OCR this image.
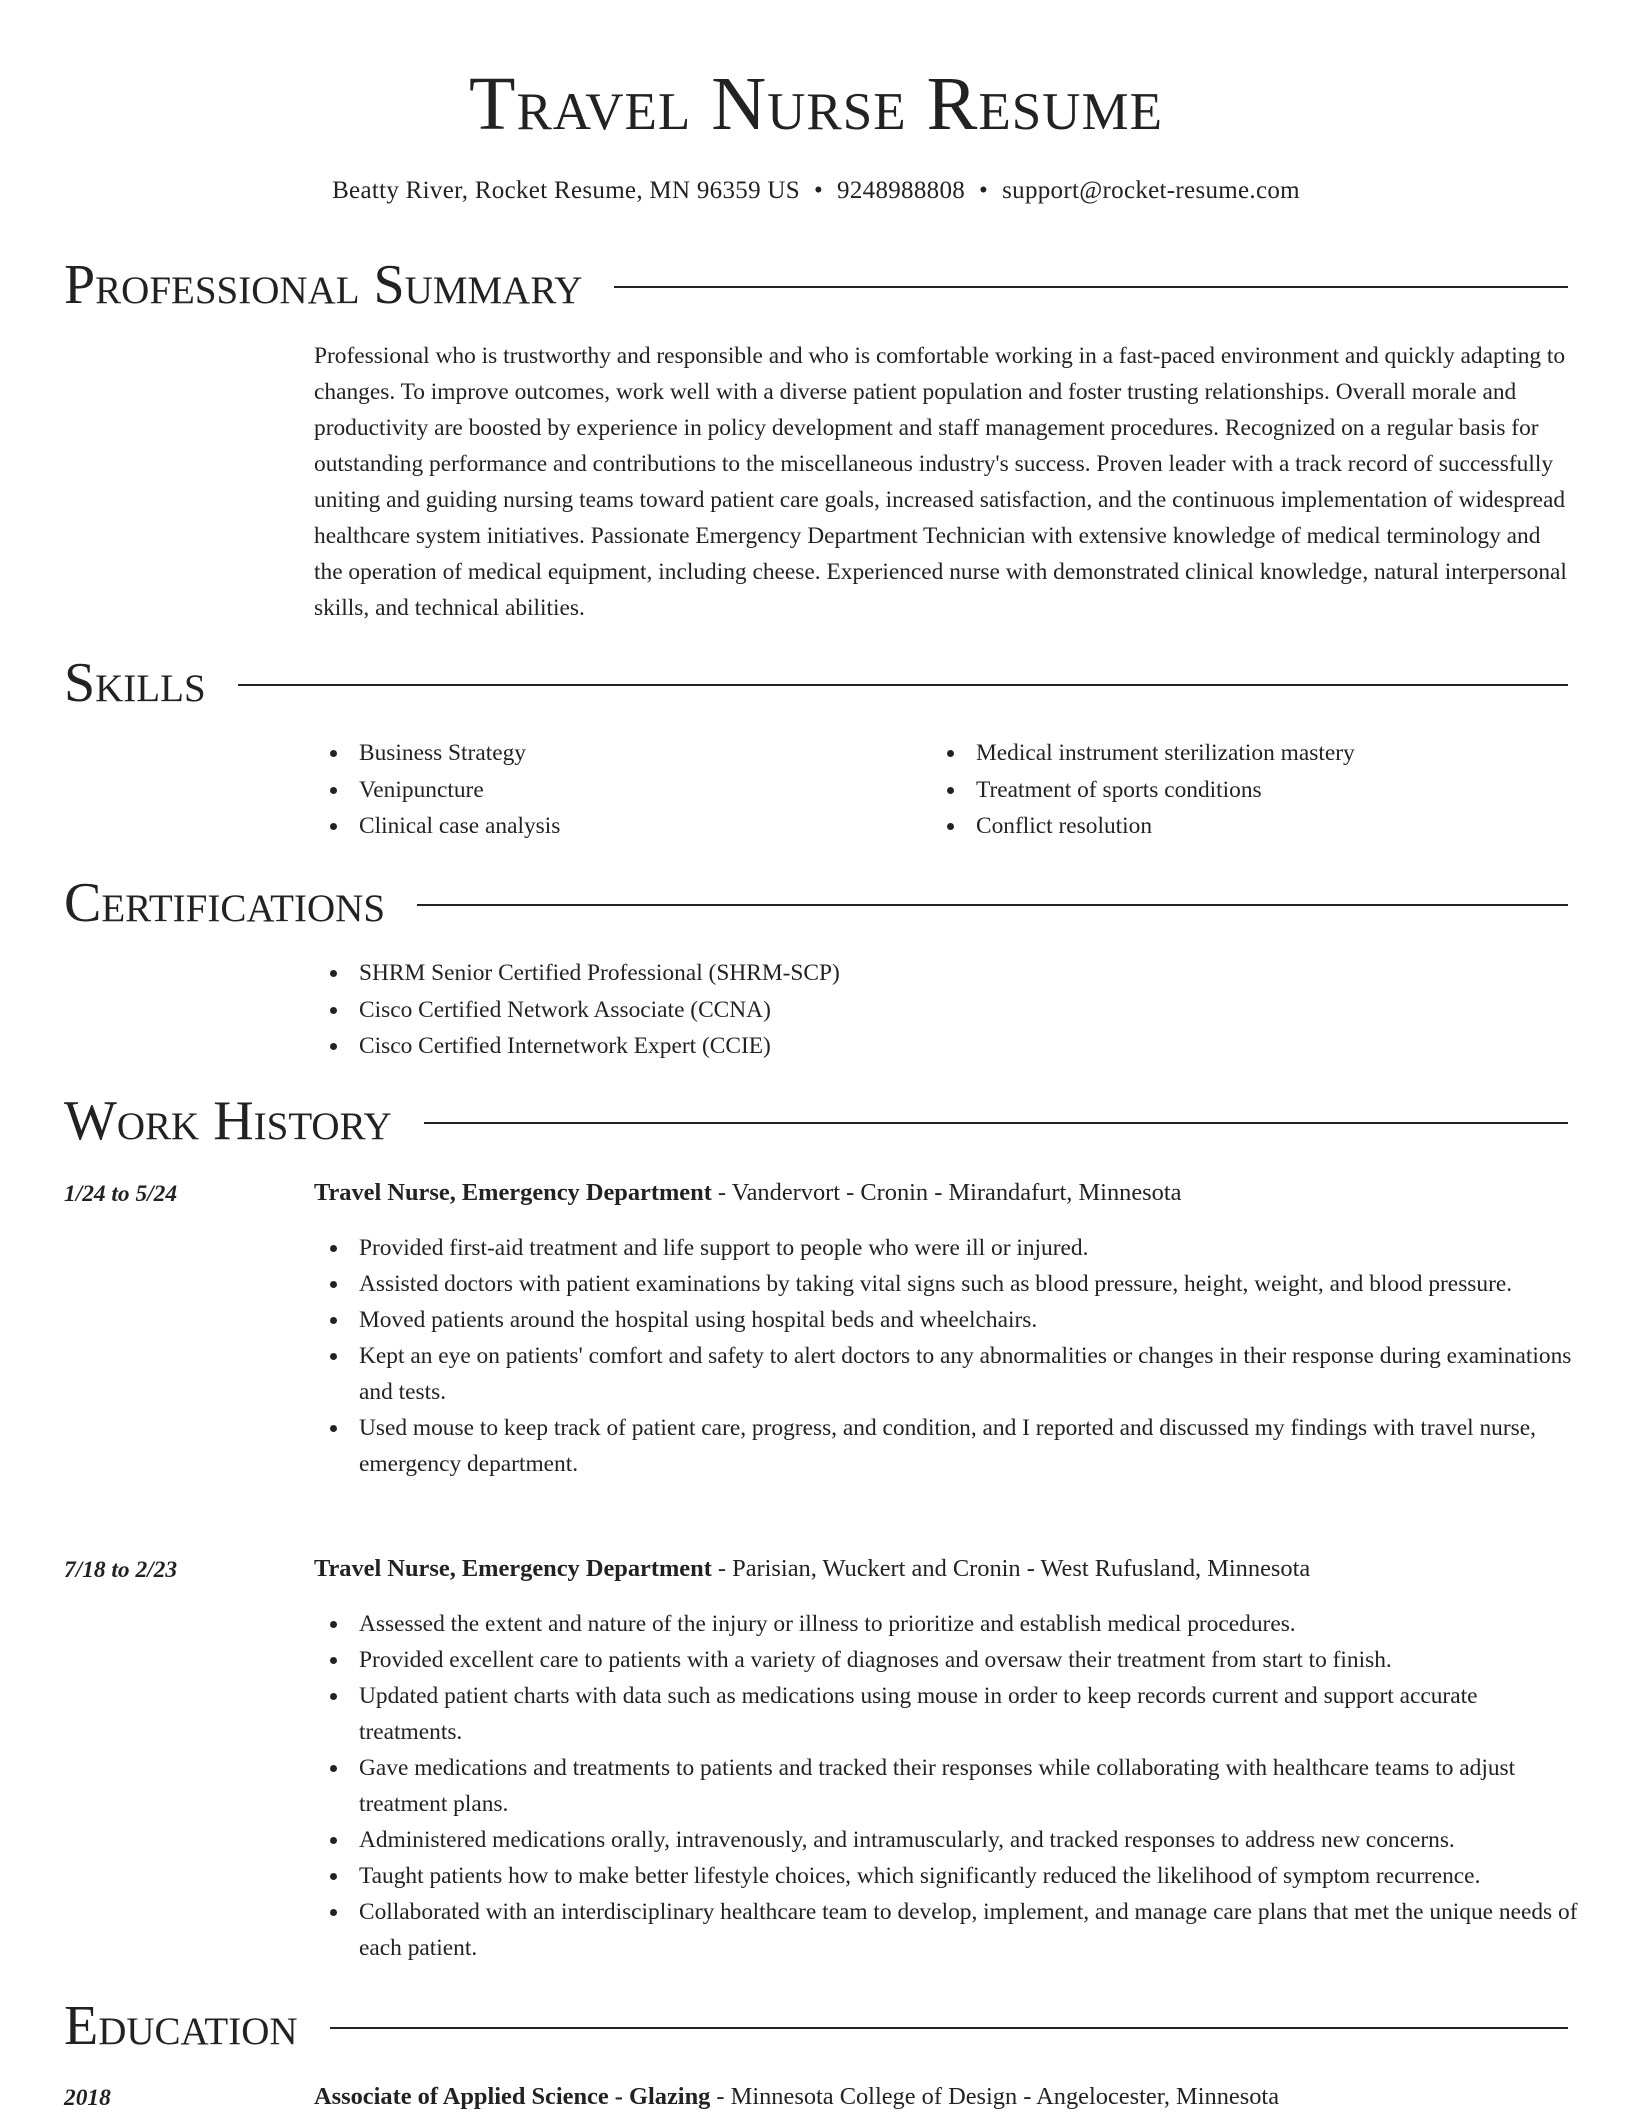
Travel Nurse Resume
Beatty River, Rocket Resume, MN 96359 US • 9248988808 • support@rocket-resume.com
Professional Summary

Professional who is trustworthy and responsible and who is comfortable working in a fast-paced environment and quickly adapting to changes. To improve outcomes, work well with a diverse patient population and foster trusting relationships. Overall morale and productivity are boosted by experience in policy development and staff management procedures. Recognized on a regular basis for outstanding performance and contributions to the miscellaneous industry's success. Proven leader with a track record of successfully uniting and guiding nursing teams toward patient care goals, increased satisfaction, and the continuous implementation of widespread healthcare system initiatives. Passionate Emergency Department Technician with extensive knowledge of medical terminology and the operation of medical equipment, including cheese. Experienced nurse with demonstrated clinical knowledge, natural interpersonal skills, and technical abilities.

Skills
Business Strategy
Venipuncture
Clinical case analysis
Medical instrument sterilization mastery
Treatment of sports conditions
Conflict resolution
Certifications
SHRM Senior Certified Professional (SHRM-SCP)
Cisco Certified Network Associate (CCNA)
Cisco Certified Internetwork Expert (CCIE)
Work History
1/24 to 5/24	Travel Nurse, Emergency Department - Vandervort - Cronin - Mirandafurt, Minnesota
Provided first-aid treatment and life support to people who were ill or injured.
Assisted doctors with patient examinations by taking vital signs such as blood pressure, height, weight, and blood pressure.
Moved patients around the hospital using hospital beds and wheelchairs.
Kept an eye on patients' comfort and safety to alert doctors to any abnormalities or changes in their response during examinations and tests.
Used mouse to keep track of patient care, progress, and condition, and I reported and discussed my findings with travel nurse, emergency department.
7/18 to 2/23	Travel Nurse, Emergency Department - Parisian, Wuckert and Cronin - West Rufusland, Minnesota
Assessed the extent and nature of the injury or illness to prioritize and establish medical procedures.
Provided excellent care to patients with a variety of diagnoses and oversaw their treatment from start to finish.
Updated patient charts with data such as medications using mouse in order to keep records current and support accurate treatments.
Gave medications and treatments to patients and tracked their responses while collaborating with healthcare teams to adjust treatment plans.
Administered medications orally, intravenously, and intramuscularly, and tracked responses to address new concerns.
Taught patients how to make better lifestyle choices, which significantly reduced the likelihood of symptom recurrence.
Collaborated with an interdisciplinary healthcare team to develop, implement, and manage care plans that met the unique needs of each patient.
Education
2018	Associate of Applied Science - Glazing - Minnesota College of Design - Angelocester, Minnesota
